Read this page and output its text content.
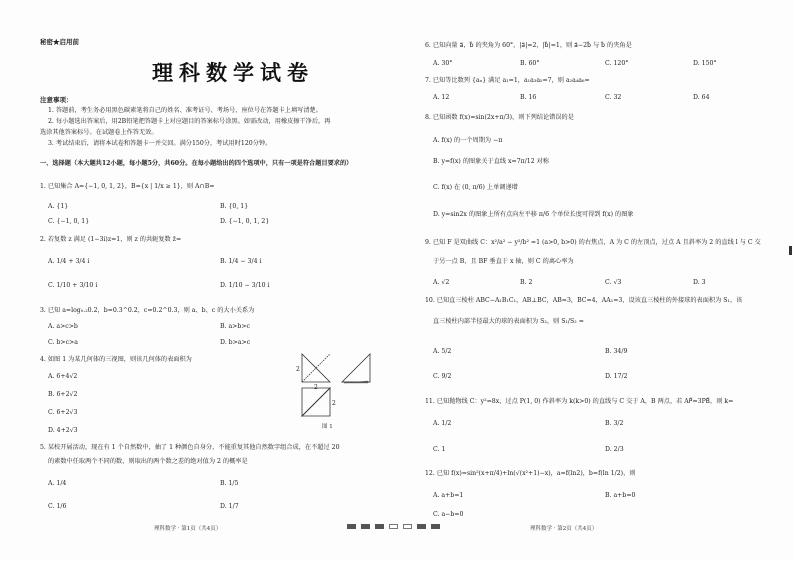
秘密★启用前
理科数学试卷
注意事项：
1. 答题前，考生务必用黑色碳素笔将自己的姓名、准考证号、考场号、座位号在答题卡上填写清楚。
2. 每小题选出答案后，用2B铅笔把答题卡上对应题目的答案标号涂黑。如需改动，用橡皮擦干净后，再
选涂其他答案标号。在试题卷上作答无效。
3. 考试结束后，请将本试卷和答题卡一并交回。满分150分，考试用时120分钟。
一、选择题（本大题共12小题，每小题5分，共60分。在每小题给出的四个选项中，只有一项是符合题目要求的）
1. 已知集合 A={−1, 0, 1, 2}，B={x | 1/x ≥ 1}，则 A∩B=
A. {1}	B. {0, 1}
C. {−1, 0, 1}	D. {−1, 0, 1, 2}
2. 若复数 z 满足 (1−3i)z=1，则 z 的共轭复数 z̄=
A. 1/4 + 3/4 i	B. 1/4 − 3/4 i
C. 1/10 + 3/10 i	D. 1/10 − 3/10 i
3. 已知 a=log₀.₂0.2，b=0.3^0.2，c=0.2^0.3，则 a、b、c 的大小关系为
A. a>c>b	B. a>b>c
C. b>c>a	D. b>a>c
4. 如图 1 为某几何体的三视图，则该几何体的表面积为
A. 6+4√2
B. 6+2√2
C. 6+2√3
D. 4+2√3
2
2
2
图 1
5. 某校开展活动，现在有 1 个自然数中，抽了 1 种颜色自身分，不能重复其他自然数字组合成，在不超过 20
的素数中任取两个不同的数，则取出的两个数之差的绝对值为 2 的概率是
A. 1/4	B. 1/5
C. 1/6	D. 1/7
理科数学 · 第1页（共4页）	理科数学 · 第2页（共4页）
6. 已知向量 a⃗，b⃗ 的夹角为 60°，|a⃗|=2，|b⃗|=1，则 a⃗−2b⃗ 与 b⃗ 的夹角是
A. 30°	B. 60°	C. 120°	D. 150°
7. 已知等比数列 {aₙ} 满足 a₁=1，a₁a₃a₅=7，则 a₂a₄a₆=
A. 12	B. 16	C. 32	D. 64
8. 已知函数 f(x)=sin(2x+π/3)，则下列结论错误的是
A. f(x) 的一个周期为 −π
B. y=f(x) 的图象关于直线 x=7π/12 对称
C. f(x) 在 (0, π/6) 上单调递增
D. y=sin2x 的图象上所有点向左平移 π/6 个单位长度可得到 f(x) 的图象
9. 已知 F 是双曲线 C：x²/a² − y²/b² =1 (a>0, b>0) 的右焦点，A 为 C 的左顶点，过点 A 且斜率为 2 的直线 l 与 C 交
于另一点 B，且 BF 垂直于 x 轴，则 C 的离心率为
A. √2	B. 2	C. √3	D. 3
10. 已知直三棱柱 ABC−A₁B₁C₁，AB⊥BC，AB=3，BC=4，AA₁=3，设该直三棱柱的外接球的表面积为 S₁，该
直三棱柱内部半径最大的球的表面积为 S₂，则 S₁/S₂ =
A. 5/2	B. 34/9
C. 9/2	D. 17/2
11. 已知抛物线 C：y²=8x，过点 P(1, 0) 作斜率为 k(k>0) 的直线与 C 交于 A，B 两点，若 AP⃗=3PB⃗，则 k=
A. 1/2	B. 3/2
C. 1	D. 2/3
12. 已知 f(x)=sin²(x+π/4)+ln(√(x²+1)−x)，a=f(ln2)，b=f(ln 1/2)，则
A. a+b=1	B. a+b=0
C. a−b=0
